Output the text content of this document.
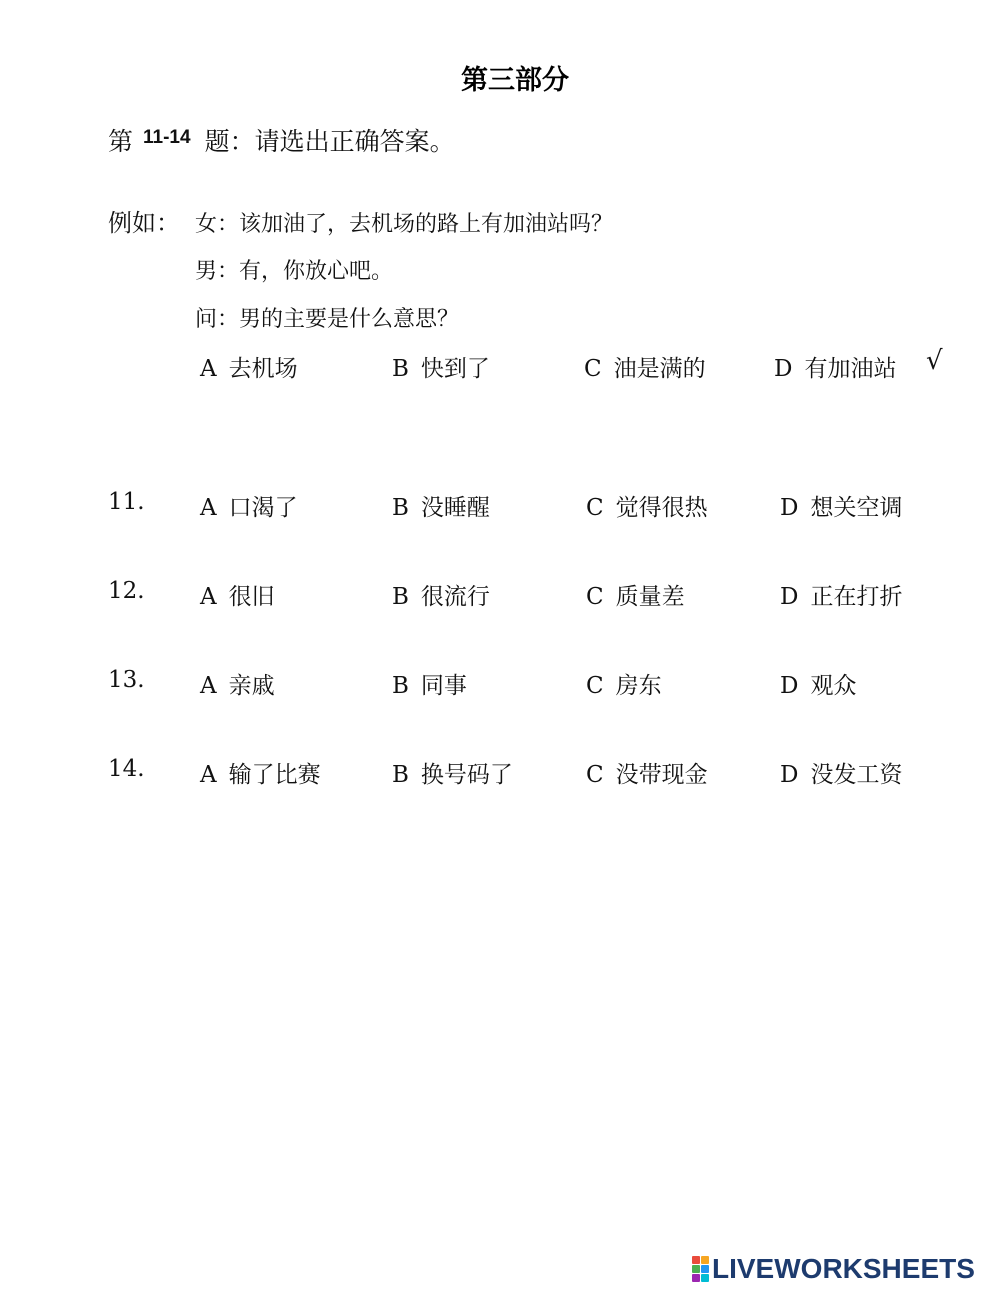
第三部分
第 $^{11-14}$ 题：请选出正确答案。
例如： 女：该加油了，去机场的路上有加油站吗？
男：有，你放心吧。
问：男的主要是什么意思？
A 去机场	B 快到了	C 油是满的	D 有加油站 √
11. A 口渴了	B 没睡醒	C 觉得很热	D 想关空调
12. A 很旧	B 很流行	C 质量差	D 正在打折
13. A 亲戚	B 同事	C 房东	D 观众
14. A 输了比赛	B 换号码了	C 没带现金	D 没发工资
LIVEWORKSHEETS
